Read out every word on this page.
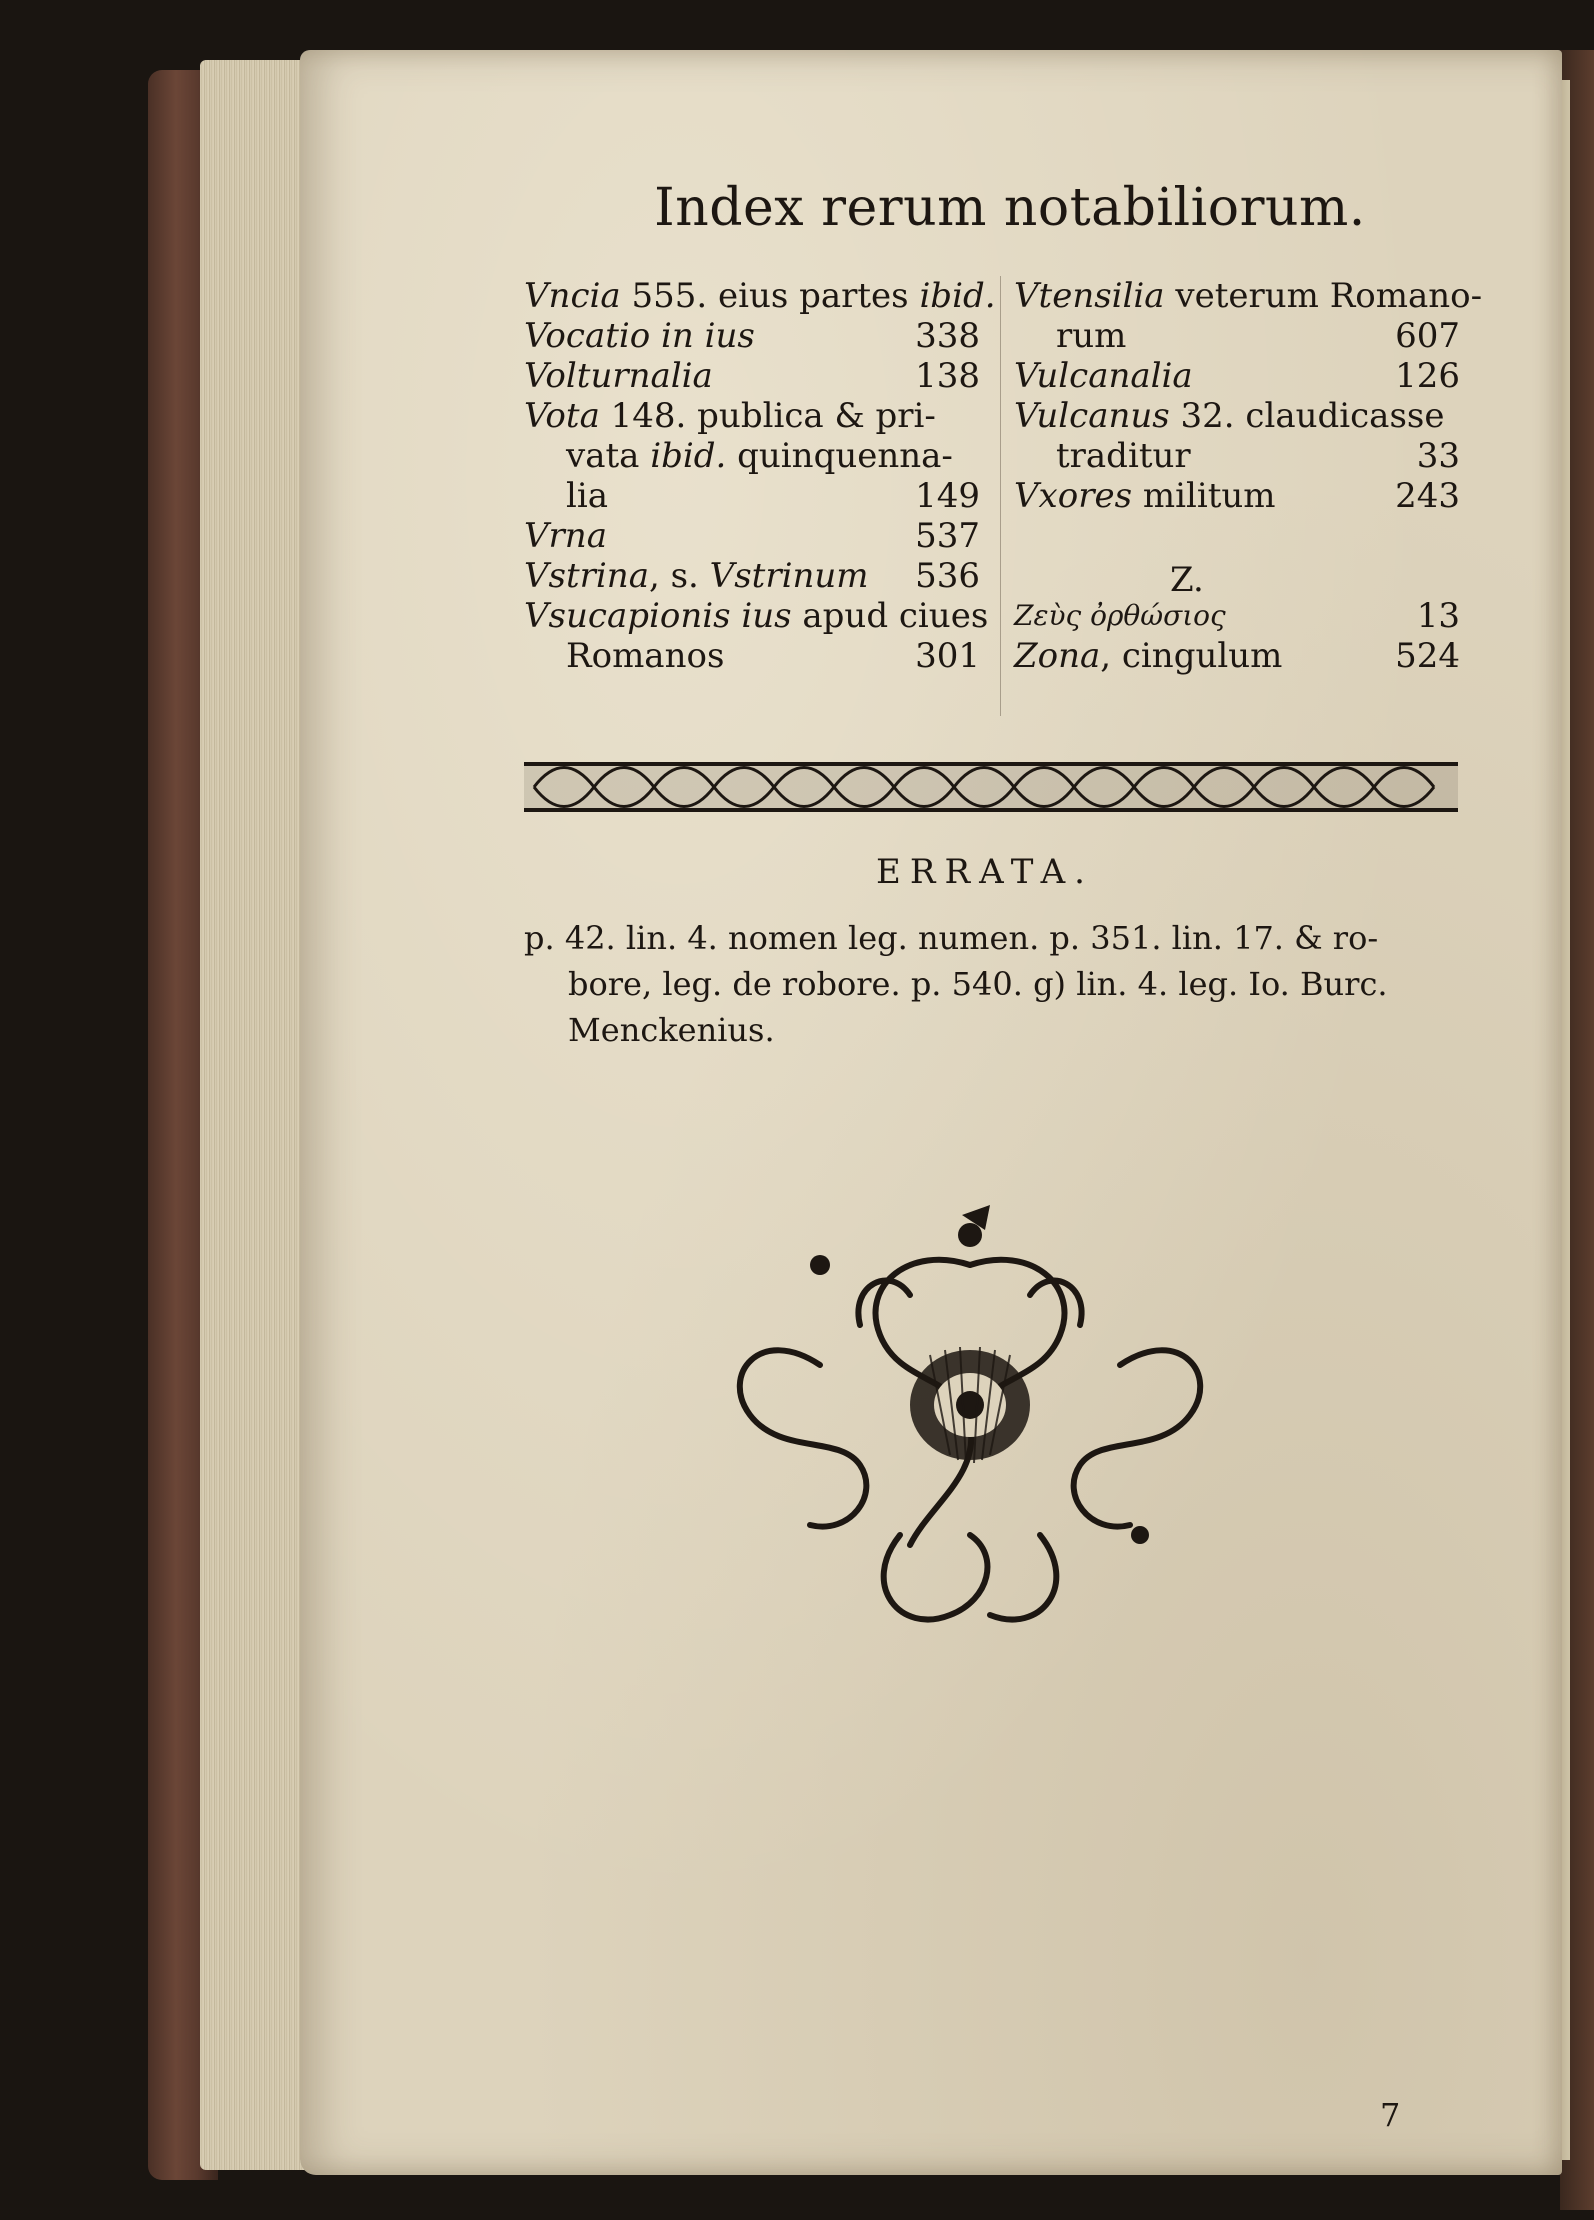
Index rerum notabiliorum.
Vncia 555. eius partes ibid.
Vocatio in ius	338
Volturnalia	138
Vota 148. publica & pri-
vata ibid. quinquenna-
lia	149
Vrna	537
Vstrina, s. Vstrinum 536
Vsucapionis ius apud ciues
Romanos	301
Vtensilia veterum Romano-
rum	607
Vulcanalia	126
Vulcanus 32. claudicasse
traditur	33
Vxores militum	243
Ζεὺς ὀρθώσιος	13
Zona, cingulum	524
Z.
ERRATA.
p. 42. lin. 4. nomen leg. numen. p. 351. lin. 17. & ro-
bore, leg. de robore. p. 540. g) lin. 4. leg. Io. Burc.
Menckenius.
7
